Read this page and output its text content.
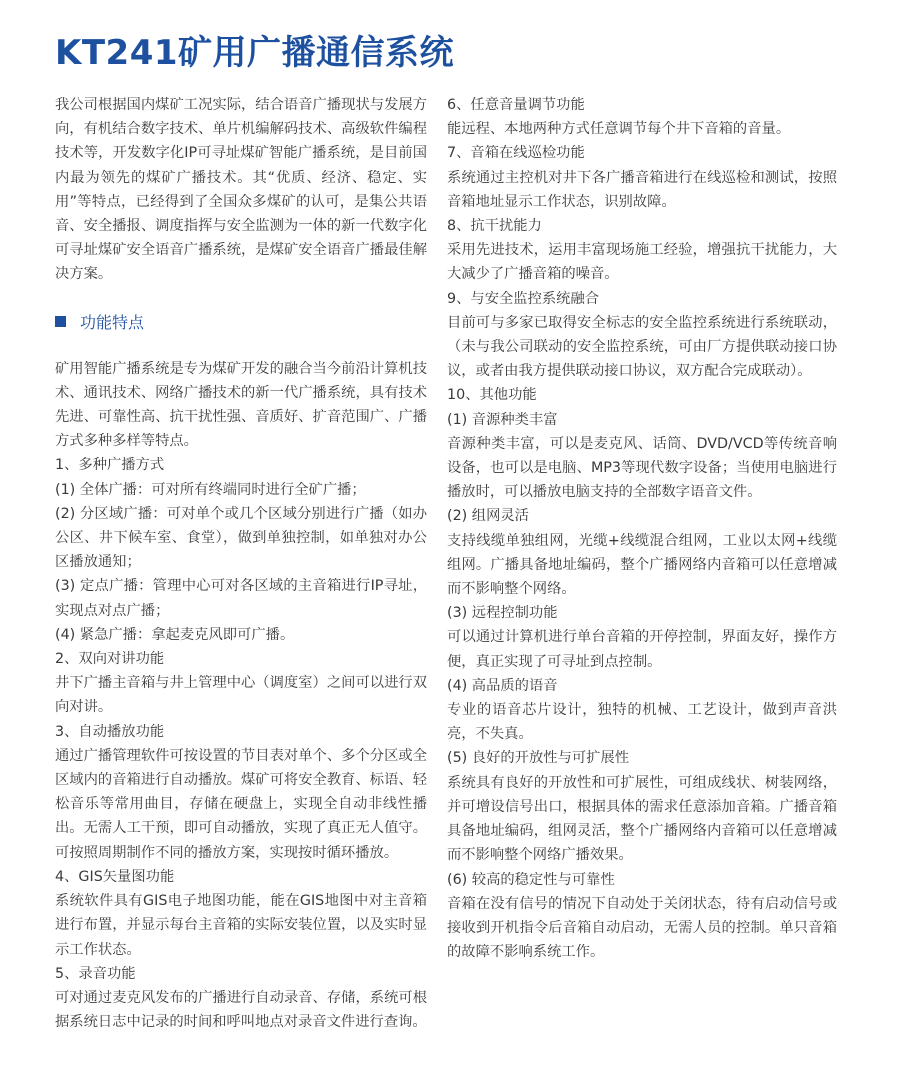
KT241矿用广播通信系统

我公司根据国内煤矿工况实际，结合语音广播现状与发展方向，有机结合数字技术、单片机编解码技术、高级软件编程技术等，开发数字化IP可寻址煤矿智能广播系统，是目前国内最为领先的煤矿广播技术。其“优质、经济、稳定、实用”等特点，已经得到了全国众多煤矿的认可，是集公共语音、安全播报、调度指挥与安全监测为一体的新一代数字化可寻址煤矿安全语音广播系统，是煤矿安全语音广播最佳解决方案。

功能特点

矿用智能广播系统是专为煤矿开发的融合当今前沿计算机技术、通讯技术、网络广播技术的新一代广播系统，具有技术先进、可靠性高、抗干扰性强、音质好、扩音范围广、广播方式多种多样等特点。

1、多种广播方式

(1) 全体广播：可对所有终端同时进行全矿广播；

(2) 分区域广播：可对单个或几个区域分别进行广播（如办公区、井下候车室、食堂），做到单独控制，如单独对办公区播放通知；

(3) 定点广播：管理中心可对各区域的主音箱进行IP寻址，实现点对点广播；

(4) 紧急广播：拿起麦克风即可广播。

2、双向对讲功能

井下广播主音箱与井上管理中心（调度室）之间可以进行双向对讲。

3、自动播放功能

通过广播管理软件可按设置的节目表对单个、多个分区或全区域内的音箱进行自动播放。煤矿可将安全教育、标语、轻松音乐等常用曲目，存储在硬盘上，实现全自动非线性播出。无需人工干预，即可自动播放，实现了真正无人值守。可按照周期制作不同的播放方案，实现按时循环播放。

4、GIS矢量图功能

系统软件具有GIS电子地图功能，能在GIS地图中对主音箱进行布置，并显示每台主音箱的实际安装位置，以及实时显示工作状态。

5、录音功能

可对通过麦克风发布的广播进行自动录音、存储，系统可根据系统日志中记录的时间和呼叫地点对录音文件进行查询。

6、任意音量调节功能

能远程、本地两种方式任意调节每个井下音箱的音量。

7、音箱在线巡检功能

系统通过主控机对井下各广播音箱进行在线巡检和测试，按照音箱地址显示工作状态，识别故障。

8、抗干扰能力

采用先进技术，运用丰富现场施工经验，增强抗干扰能力，大大减少了广播音箱的噪音。

9、与安全监控系统融合

目前可与多家已取得安全标志的安全监控系统进行系统联动，（未与我公司联动的安全监控系统，可由厂方提供联动接口协议，或者由我方提供联动接口协议，双方配合完成联动）。

10、其他功能

(1) 音源种类丰富

音源种类丰富，可以是麦克风、话筒、DVD/VCD等传统音响设备，也可以是电脑、MP3等现代数字设备；当使用电脑进行播放时，可以播放电脑支持的全部数字语音文件。

(2) 组网灵活

支持线缆单独组网，光缆+线缆混合组网，工业以太网+线缆组网。广播具备地址编码，整个广播网络内音箱可以任意增减而不影响整个网络。

(3) 远程控制功能

可以通过计算机进行单台音箱的开停控制，界面友好，操作方便，真正实现了可寻址到点控制。

(4) 高品质的语音

专业的语音芯片设计，独特的机械、工艺设计，做到声音洪亮，不失真。

(5) 良好的开放性与可扩展性

系统具有良好的开放性和可扩展性，可组成线状、树装网络，并可增设信号出口，根据具体的需求任意添加音箱。广播音箱具备地址编码，组网灵活，整个广播网络内音箱可以任意增减而不影响整个网络广播效果。

(6) 较高的稳定性与可靠性

音箱在没有信号的情况下自动处于关闭状态，待有启动信号或接收到开机指令后音箱自动启动，无需人员的控制。单只音箱的故障不影响系统工作。
